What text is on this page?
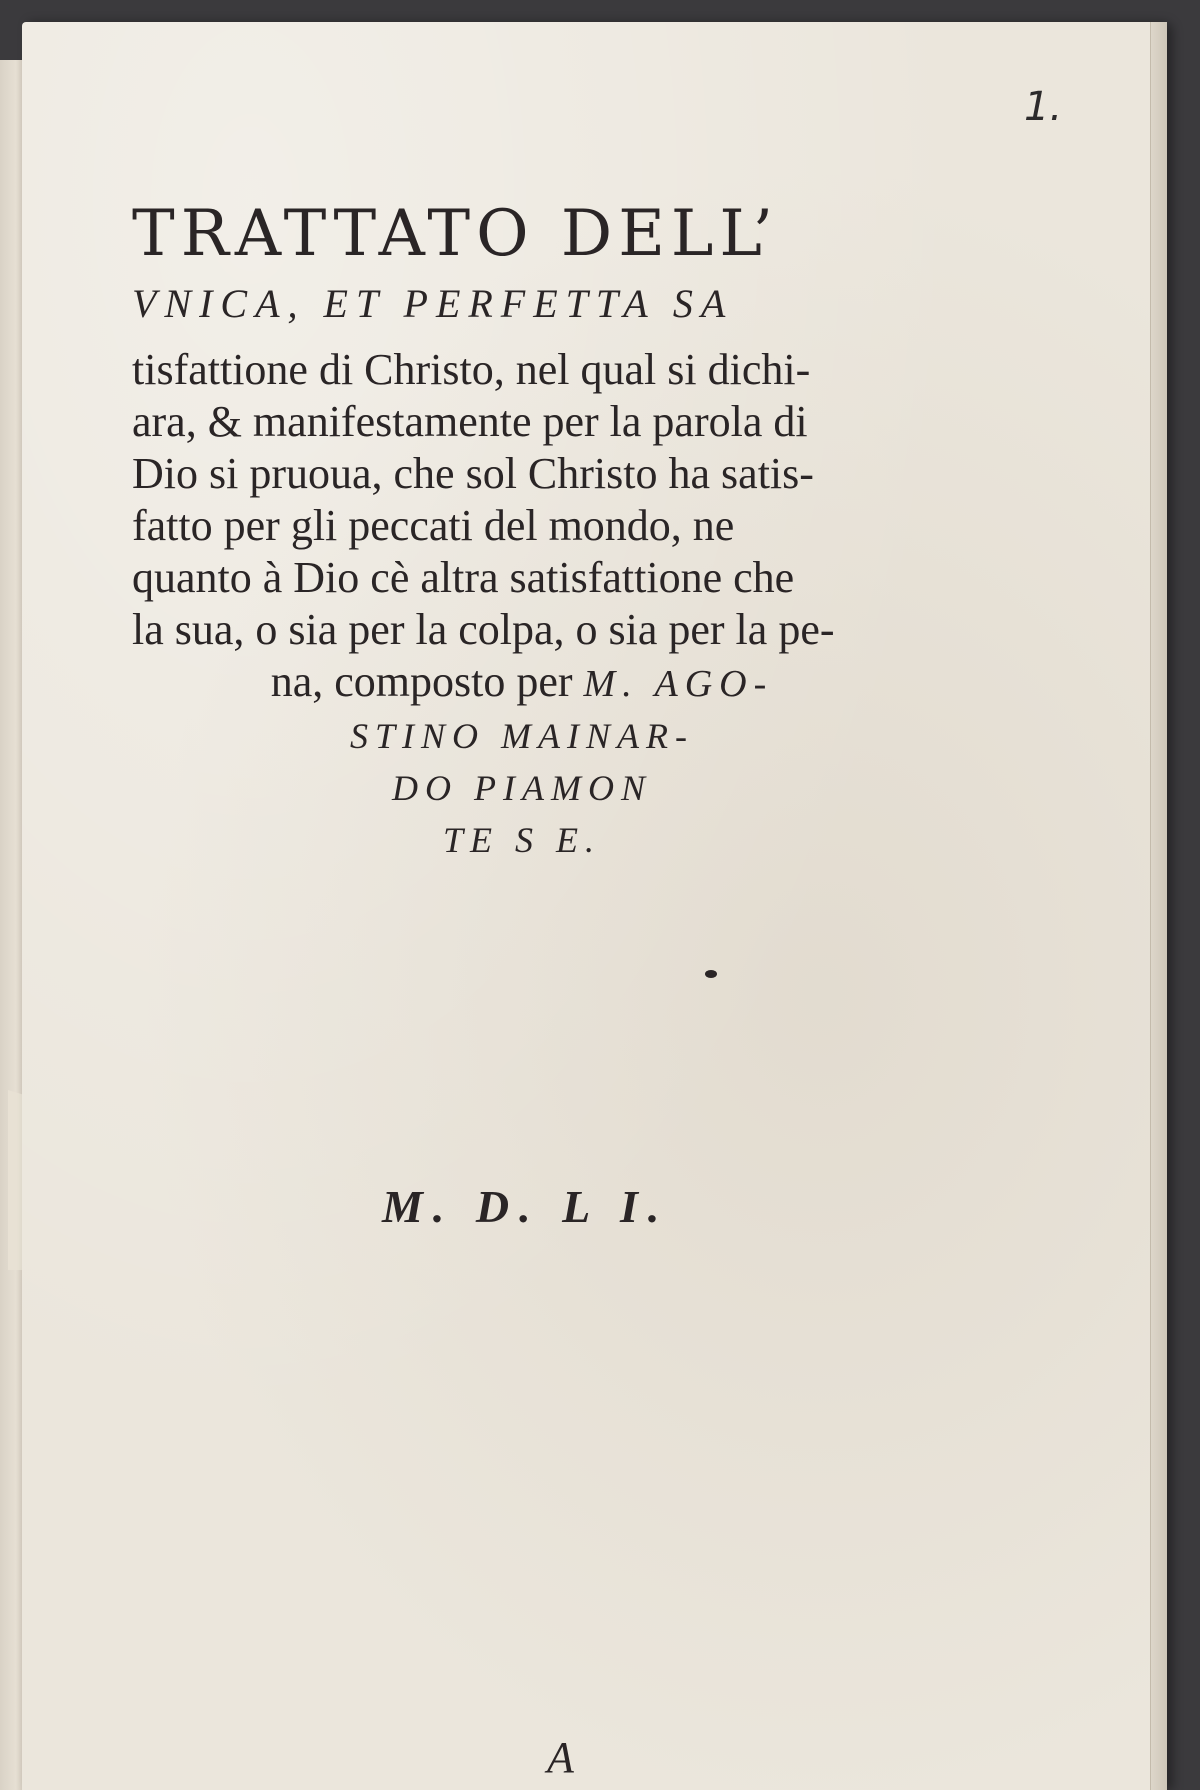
1.
TRATTATO DELL’
VNICA, ET PERFETTA SA
tisfattione di Christo, nel qual si dichi-
ara, & manifestamente per la parola di
Dio si pruoua, che sol Christo ha satis-
fatto per gli peccati del mondo, ne
quanto à Dio cè altra satisfattione che
la sua, o sia per la colpa, o sia per la pe-
na, composto per M. AGO-
STINO MAINAR-
DO PIAMON
TE S E.
M. D. L I.
A
